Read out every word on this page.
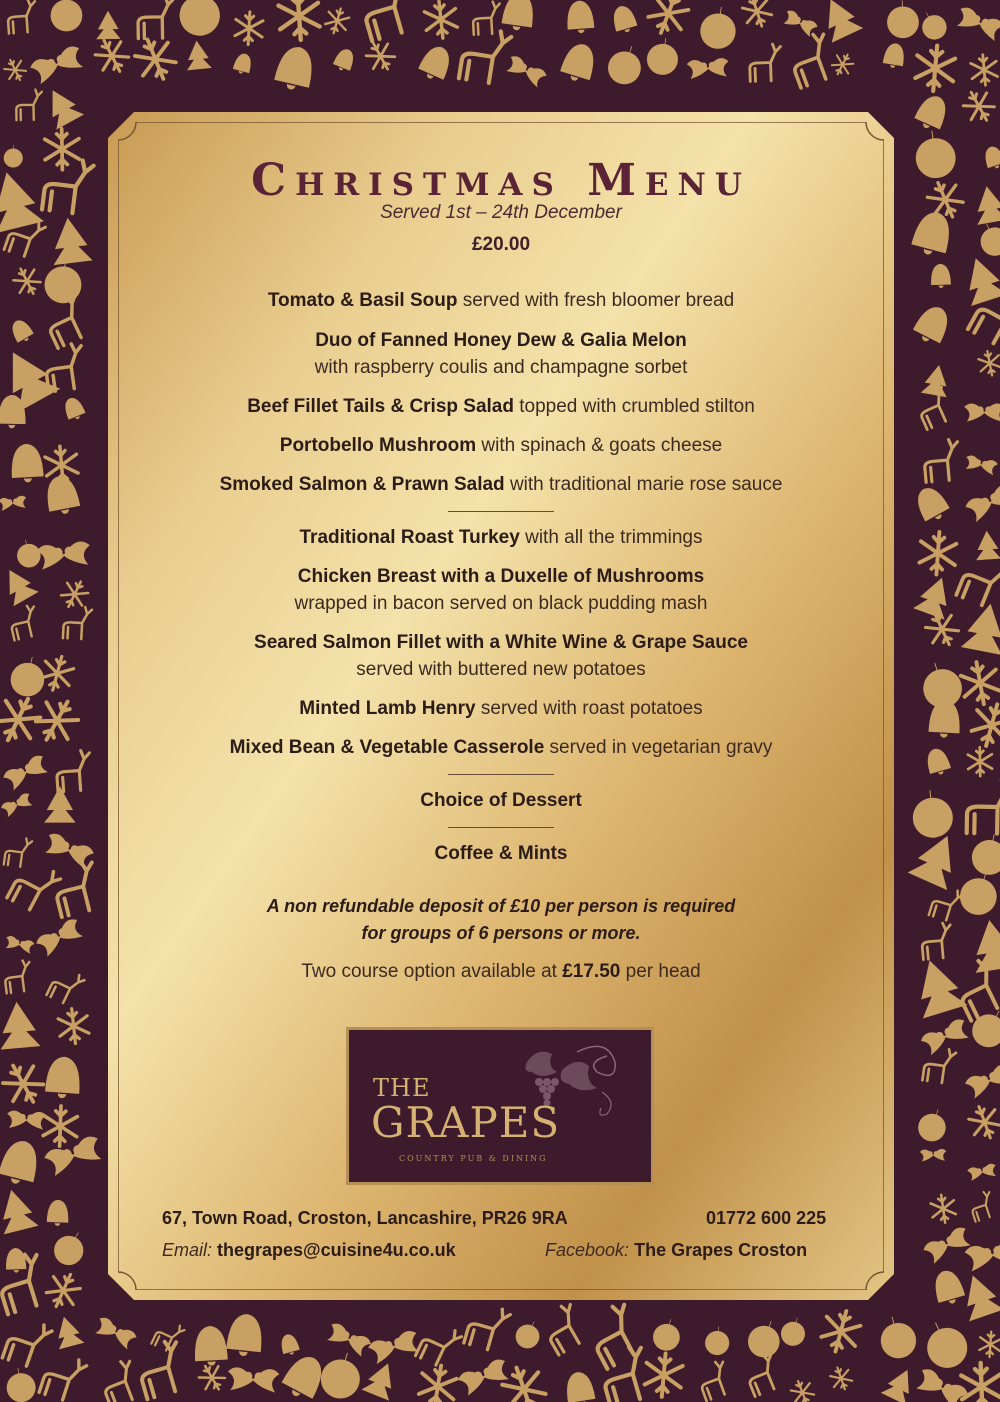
Christmas Menu
Served 1st – 24th December
£20.00
Tomato & Basil Soup served with fresh bloomer bread
Duo of Fanned Honey Dew & Galia Melon
with raspberry coulis and champagne sorbet
Beef Fillet Tails & Crisp Salad topped with crumbled stilton
Portobello Mushroom with spinach & goats cheese
Smoked Salmon & Prawn Salad with traditional marie rose sauce
Traditional Roast Turkey with all the trimmings
Chicken Breast with a Duxelle of Mushrooms
wrapped in bacon served on black pudding mash
Seared Salmon Fillet with a White Wine & Grape Sauce
served with buttered new potatoes
Minted Lamb Henry served with roast potatoes
Mixed Bean & Vegetable Casserole served in vegetarian gravy
Choice of Dessert
Coffee & Mints
A non refundable deposit of £10 per person is required
for groups of 6 persons or more.
Two course option available at £17.50 per head
THE
GRAPES
COUNTRY PUB & DINING
67, Town Road, Croston, Lancashire, PR26 9RA	01772 600 225
Email: thegrapes@cuisine4u.co.uk	Facebook: The Grapes Croston
